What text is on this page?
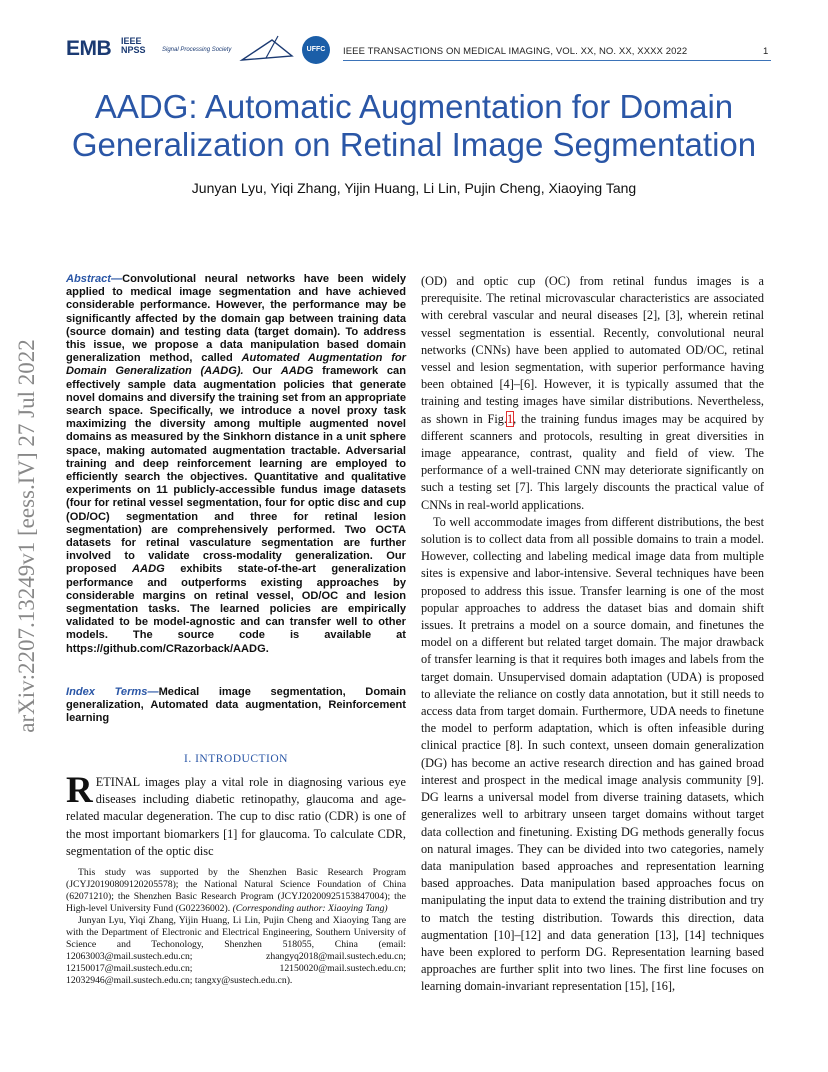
EMB IEEE
NPSS	Signal Processing Society	UFFC	IEEE TRANSACTIONS ON MEDICAL IMAGING, VOL. XX, NO. XX, XXXX 2022	1
AADG: Automatic Augmentation for Domain
Generalization on Retinal Image Segmentation
Junyan Lyu, Yiqi Zhang, Yijin Huang, Li Lin, Pujin Cheng, Xiaoying Tang
arXiv:2207.13249v1 [eess.IV] 27 Jul 2022
Abstract—Convolutional neural networks have been widely applied to medical image segmentation and have achieved considerable performance. However, the performance may be significantly affected by the domain gap between training data (source domain) and testing data (target domain). To address this issue, we propose a data manipulation based domain generalization method, called Automated Augmentation for Domain Generalization (AADG). Our AADG framework can effectively sample data augmentation policies that generate novel domains and diversify the training set from an appropriate search space. Specifically, we introduce a novel proxy task maximizing the diversity among multiple augmented novel domains as measured by the Sinkhorn distance in a unit sphere space, making automated augmentation tractable. Adversarial training and deep reinforcement learning are employed to efficiently search the objectives. Quantitative and qualitative experiments on 11 publicly-accessible fundus image datasets (four for retinal vessel segmentation, four for optic disc and cup (OD/OC) segmentation and three for retinal lesion segmentation) are comprehensively performed. Two OCTA datasets for retinal vasculature segmentation are further involved to validate cross-modality generalization. Our proposed AADG exhibits state-of-the-art generalization performance and outperforms existing approaches by considerable margins on retinal vessel, OD/OC and lesion segmentation tasks. The learned policies are empirically validated to be model-agnostic and can transfer well to other models. The source code is available at https://github.com/CRazorback/AADG.
Index Terms—Medical image segmentation, Domain generalization, Automated data augmentation, Reinforcement learning
I. INTRODUCTION
RETINAL images play a vital role in diagnosing various eye diseases including diabetic retinopathy, glaucoma and age-related macular degeneration. The cup to disc ratio (CDR) is one of the most important biomarkers [1] for glaucoma. To calculate CDR, segmentation of the optic disc

This study was supported by the Shenzhen Basic Research Program (JCYJ20190809120205578); the National Natural Science Foundation of China (62071210); the Shenzhen Basic Research Program (JCYJ20200925153847004); the High-level University Fund (G02236002). (Corresponding author: Xiaoying Tang)

Junyan Lyu, Yiqi Zhang, Yijin Huang, Li Lin, Pujin Cheng and Xiaoying Tang are with the Department of Electronic and Electrical Engineering, Southern University of Science and Techonology, Shenzhen 518055, China (email: 12063003@mail.sustech.edu.cn; zhangyq2018@mail.sustech.edu.cn; 12150017@mail.sustech.edu.cn; 12150020@mail.sustech.edu.cn; 12032946@mail.sustech.edu.cn; tangxy@sustech.edu.cn).

(OD) and optic cup (OC) from retinal fundus images is a prerequisite. The retinal microvascular characteristics are associated with cerebral vascular and neural diseases [2], [3], wherein retinal vessel segmentation is essential. Recently, convolutional neural networks (CNNs) have been applied to automated OD/OC, retinal vessel and lesion segmentation, with superior performance having been obtained [4]–[6]. However, it is typically assumed that the training and testing images have similar distributions. Nevertheless, as shown in Fig.1, the training fundus images may be acquired by different scanners and protocols, resulting in great diversities in image appearance, contrast, quality and field of view. The performance of a well-trained CNN may deteriorate significantly on such a testing set [7]. This largely discounts the practical value of CNNs in real-world applications.

To well accommodate images from different distributions, the best solution is to collect data from all possible domains to train a model. However, collecting and labeling medical image data from multiple sites is expensive and labor-intensive. Several techniques have been proposed to address this issue. Transfer learning is one of the most popular approaches to address the dataset bias and domain shift issues. It pretrains a model on a source domain, and finetunes the model on a different but related target domain. The major drawback of transfer learning is that it requires both images and labels from the target domain. Unsupervised domain adaptation (UDA) is proposed to alleviate the reliance on costly data annotation, but it still needs to access data from target domain. Furthermore, UDA needs to finetune the model to perform adaptation, which is often infeasible during clinical practice [8]. In such context, unseen domain generalization (DG) has become an active research direction and has gained broad interest and prospect in the medical image analysis community [9]. DG learns a universal model from diverse training datasets, which generalizes well to arbitrary unseen target domains without target data collection and finetuning. Existing DG methods generally focus on natural images. They can be divided into two categories, namely data manipulation based approaches and representation learning based approaches. Data manipulation based approaches focus on manipulating the input data to extend the training distribution and try to match the testing distribution. Towards this direction, data augmentation [10]–[12] and data generation [13], [14] techniques have been explored to perform DG. Representation learning based approaches are further split into two lines. The first line focuses on learning domain-invariant representation [15], [16],
